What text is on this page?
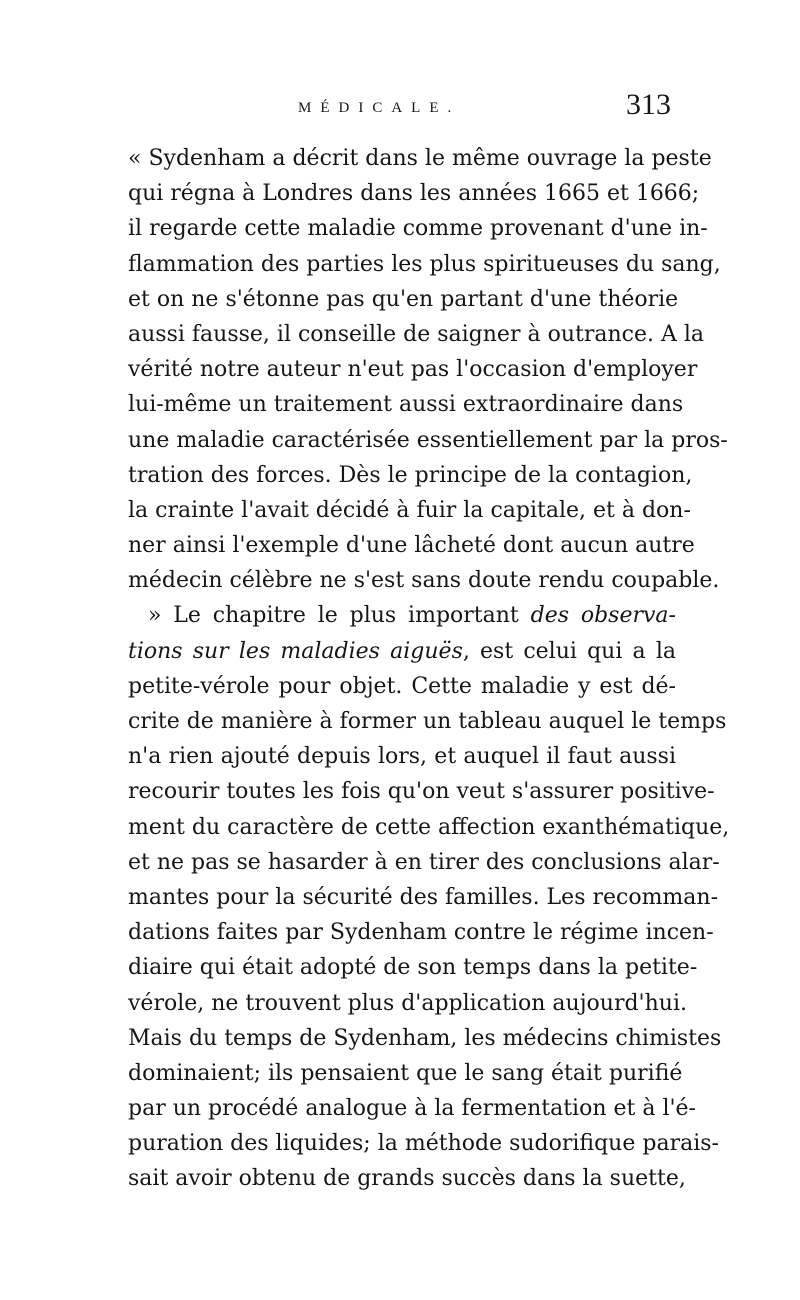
MÉDICALE.	313
« Sydenham a décrit dans le même ouvrage la peste
qui régna à Londres dans les années 1665 et 1666;
il regarde cette maladie comme provenant d'une in-
flammation des parties les plus spiritueuses du sang,
et on ne s'étonne pas qu'en partant d'une théorie
aussi fausse, il conseille de saigner à outrance. A la
vérité notre auteur n'eut pas l'occasion d'employer
lui-même un traitement aussi extraordinaire dans
une maladie caractérisée essentiellement par la pros-
tration des forces. Dès le principe de la contagion,
la crainte l'avait décidé à fuir la capitale, et à don-
ner ainsi l'exemple d'une lâcheté dont aucun autre
médecin célèbre ne s'est sans doute rendu coupable.
» Le chapitre le plus important des observa-
tions sur les maladies aiguës, est celui qui a la
petite-vérole pour objet. Cette maladie y est dé-
crite de manière à former un tableau auquel le temps
n'a rien ajouté depuis lors, et auquel il faut aussi
recourir toutes les fois qu'on veut s'assurer positive-
ment du caractère de cette affection exanthématique,
et ne pas se hasarder à en tirer des conclusions alar-
mantes pour la sécurité des familles. Les recomman-
dations faites par Sydenham contre le régime incen-
diaire qui était adopté de son temps dans la petite-
vérole, ne trouvent plus d'application aujourd'hui.
Mais du temps de Sydenham, les médecins chimistes
dominaient; ils pensaient que le sang était purifié
par un procédé analogue à la fermentation et à l'é-
puration des liquides; la méthode sudorifique parais-
sait avoir obtenu de grands succès dans la suette,
